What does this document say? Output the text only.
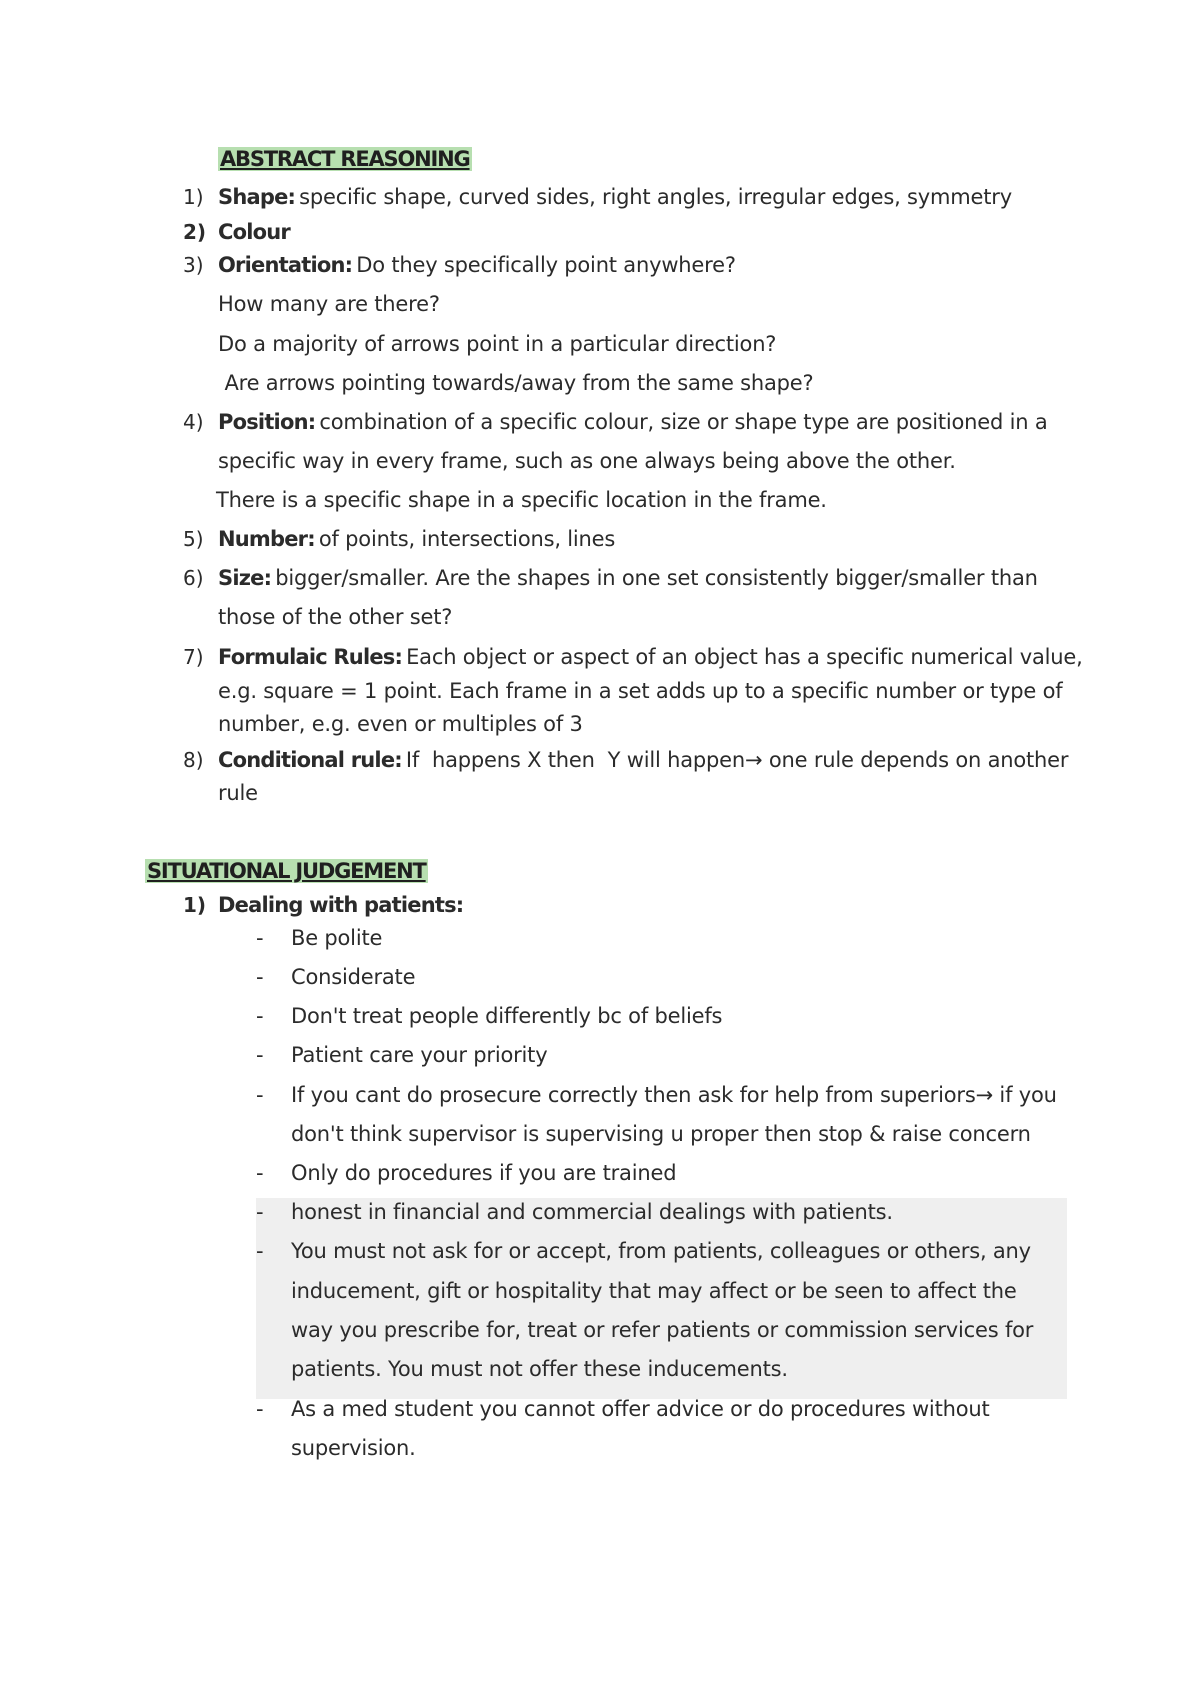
ABSTRACT REASONING
1) Shape: specific shape, curved sides, right angles, irregular edges, symmetry
2) Colour
3) Orientation: Do they specifically point anywhere?
How many are there?
Do a majority of arrows point in a particular direction?
Are arrows pointing towards/away from the same shape?
4) Position: combination of a specific colour, size or shape type are positioned in a
specific way in every frame, such as one always being above the other.
There is a specific shape in a specific location in the frame.
5) Number: of points, intersections, lines
6) Size: bigger/smaller. Are the shapes in one set consistently bigger/smaller than
those of the other set?
7) Formulaic Rules: Each object or aspect of an object has a specific numerical value,
e.g. square = 1 point. Each frame in a set adds up to a specific number or type of
number, e.g. even or multiples of 3
8) Conditional rule: If  happens X then  Y will happen→ one rule depends on another
rule
SITUATIONAL JUDGEMENT
1) Dealing with patients:
- Be polite
- Considerate
- Don't treat people differently bc of beliefs
- Patient care your priority
- If you cant do prosecure correctly then ask for help from superiors→ if you
don't think supervisor is supervising u proper then stop & raise concern
- Only do procedures if you are trained
- honest in financial and commercial dealings with patients.
- You must not ask for or accept, from patients, colleagues or others, any
inducement, gift or hospitality that may affect or be seen to affect the
way you prescribe for, treat or refer patients or commission services for
patients. You must not offer these inducements.
- As a med student you cannot offer advice or do procedures without
supervision.
